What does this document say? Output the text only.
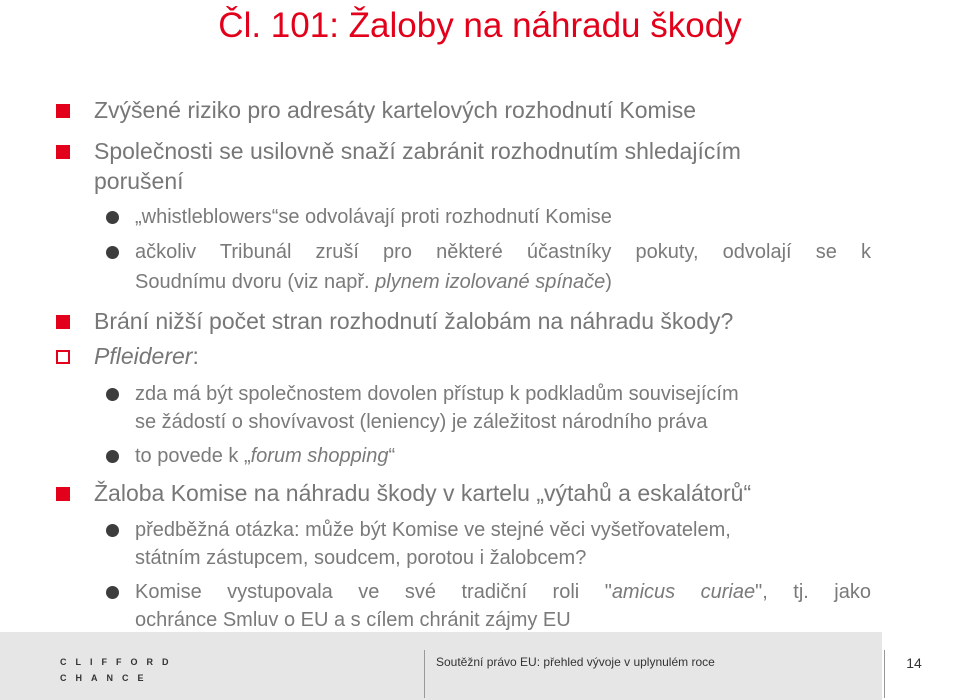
Čl. 101: Žaloby na náhradu škody
Zvýšené riziko pro adresáty kartelových rozhodnutí Komise
Společnosti se usilovně snaží zabránit rozhodnutím shledajícím
porušení
„whistleblowers“se odvolávají proti rozhodnutí Komise
ačkoliv Tribunál zruší pro některé účastníky pokuty, odvolají se k
Soudnímu dvoru (viz např. plynem izolované spínače)
Brání nižší počet stran rozhodnutí žalobám na náhradu škody?
Pfleiderer:
zda má být společnostem dovolen přístup k podkladům souvisejícím
se žádostí o shovívavost (leniency) je záležitost národního práva
to povede k „forum shopping“
Žaloba Komise na náhradu škody v kartelu „výtahů a eskalátorů“
předběžná otázka: může být Komise ve stejné věci vyšetřovatelem,
státním zástupcem, soudcem, porotou i žalobcem?
Komise vystupovala ve své tradiční roli "amicus curiae", tj. jako
ochránce Smluv o EU a s cílem chránit zájmy EU
CLIFFORD
CHANCE
Soutěžní právo EU: přehled vývoje v uplynulém roce	14
